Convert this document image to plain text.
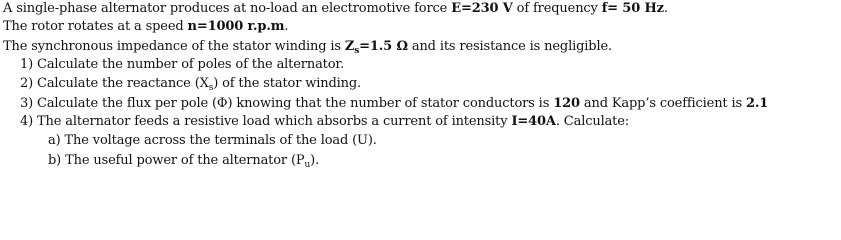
A single-phase alternator produces at no-load an electromotive force E=230 V of frequency f= 50 Hz.
The rotor rotates at a speed n=1000 r.p.m.
The synchronous impedance of the stator winding is $Z_s=1.5$ Ω and its resistance is negligible.
1) Calculate the number of poles of the alternator.
2) Calculate the reactance $(X_s)$ of the stator winding.
3) Calculate the flux per pole (Φ) knowing that the number of stator conductors is 120 and Kapp’s coefficient is 2.1
4) The alternator feeds a resistive load which absorbs a current of intensity I=40A. Calculate:
a) The voltage across the terminals of the load (U).
b) The useful power of the alternator $(P_u)$.
